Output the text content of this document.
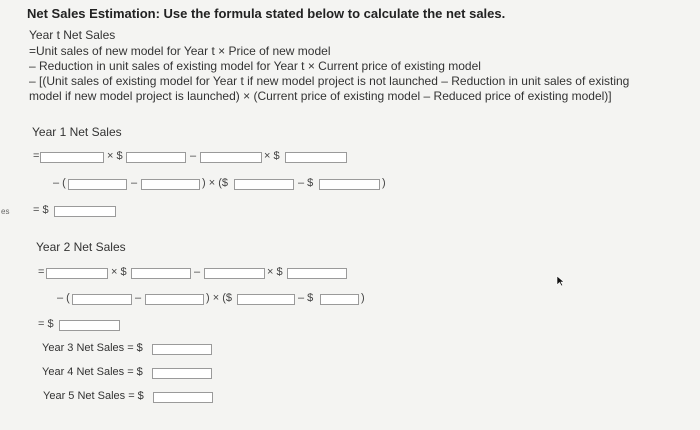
Net Sales Estimation: Use the formula stated below to calculate the net sales.
Year t Net Sales
=Unit sales of new model for Year t × Price of new model
– Reduction in unit sales of existing model for Year t × Current price of existing model
– [(Unit sales of existing model for Year t if new model project is not launched – Reduction in unit sales of existing
model if new model project is launched) × (Current price of existing model – Reduced price of existing model)]
es
Year 1 Net Sales
=	× $	–	× $
– (	–	) × ($	– $	)
= $
Year 2 Net Sales
=	× $	–	× $
– (	–	) × ($	– $	)
= $
Year 3 Net Sales = $
Year 4 Net Sales = $
Year 5 Net Sales = $
